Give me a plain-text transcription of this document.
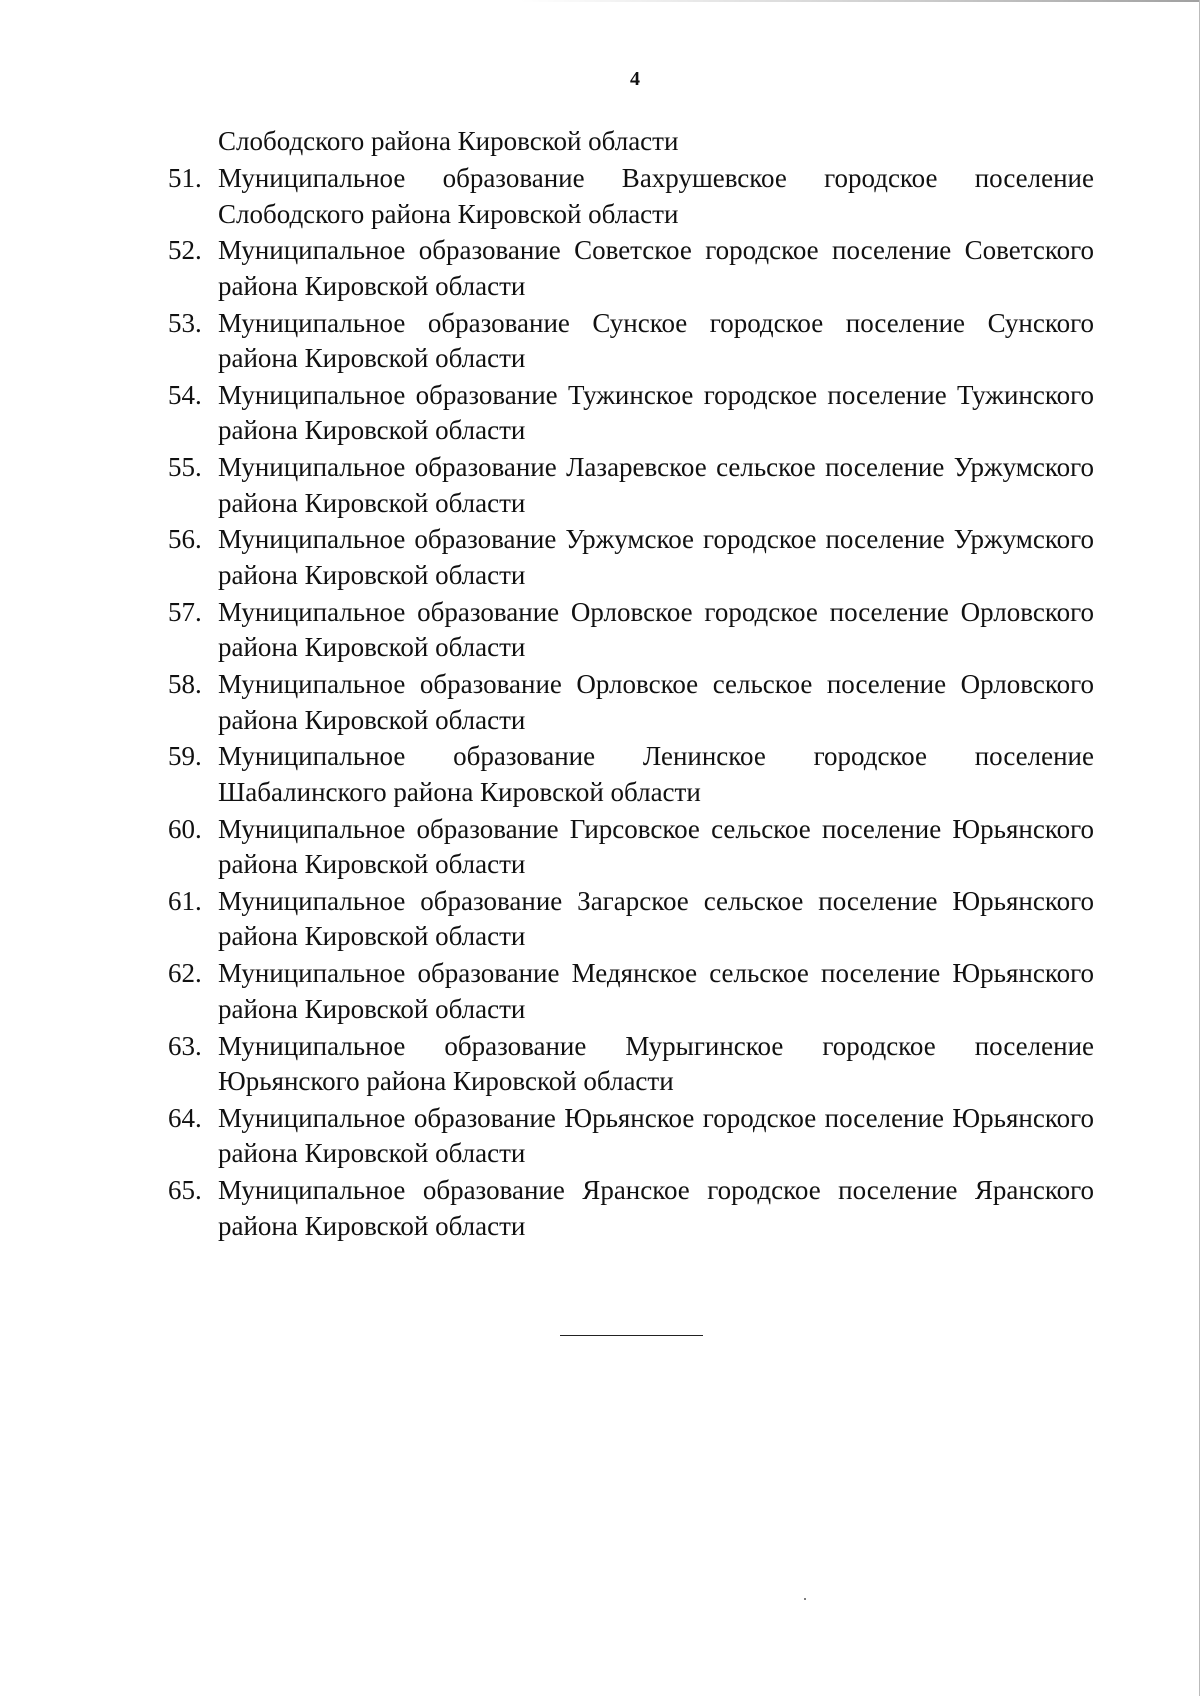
4
Слободского района Кировской области
51. Муниципальное образование Вахрушевское городское поселение Слободского района Кировской области
52. Муниципальное образование Советское городское поселение Советского района Кировской области
53. Муниципальное образование Сунское городское поселение Сунского района Кировской области
54. Муниципальное образование Тужинское городское поселение Тужинского района Кировской области
55. Муниципальное образование Лазаревское сельское поселение Уржумского района Кировской области
56. Муниципальное образование Уржумское городское поселение Уржумского района Кировской области
57. Муниципальное образование Орловское городское поселение Орловского района Кировской области
58. Муниципальное образование Орловское сельское поселение Орловского района Кировской области
59. Муниципальное образование Ленинское городское поселение Шабалинского района Кировской области
60. Муниципальное образование Гирсовское сельское поселение Юрьянского района Кировской области
61. Муниципальное образование Загарское сельское поселение Юрьянского района Кировской области
62. Муниципальное образование Медянское сельское поселение Юрьянского района Кировской области
63. Муниципальное образование Мурыгинское городское поселение Юрьянского района Кировской области
64. Муниципальное образование Юрьянское городское поселение Юрьянского района Кировской области
65. Муниципальное образование Яранское городское поселение Яранского района Кировской области
